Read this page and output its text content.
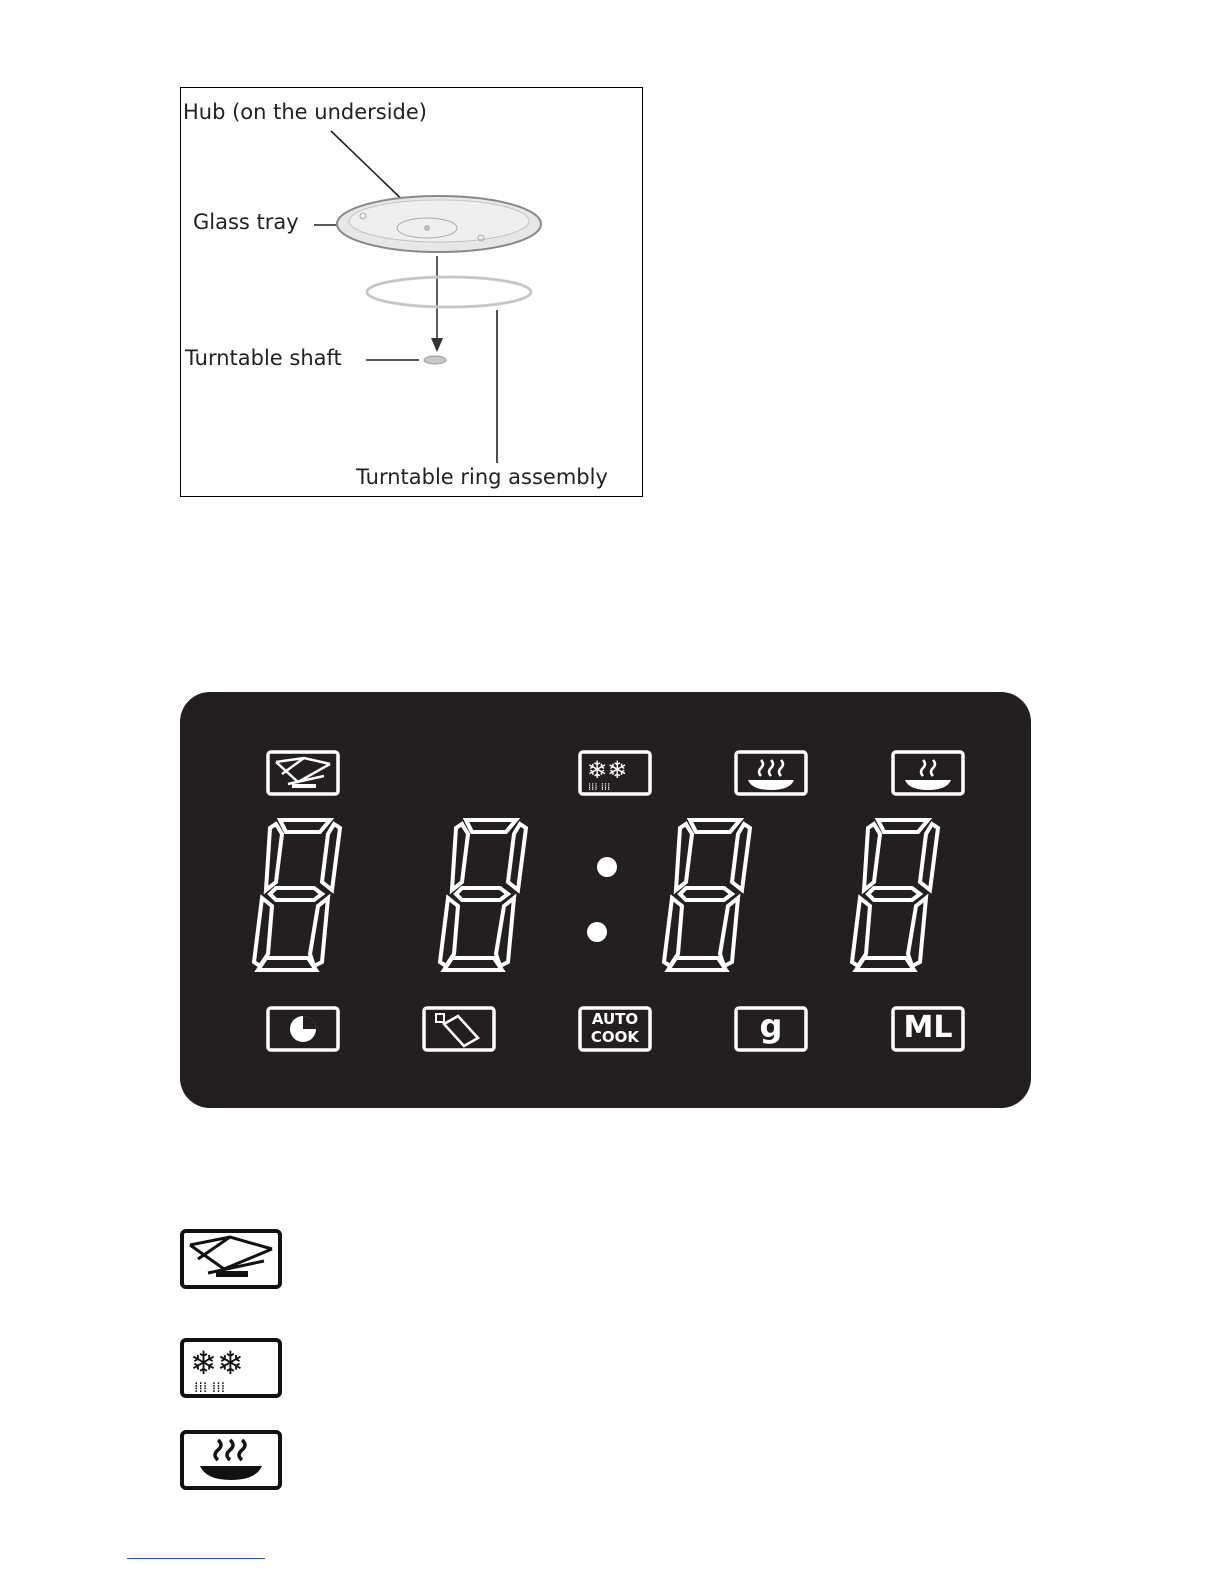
Hub (on the underside)
Glass tray
Turntable shaft
Turntable ring assembly
❄❄
⁞⁞⁞ ⁞⁞⁞
AUTO
COOK	g	ML
❄❄
⁞⁞⁞ ⁞⁞⁞
